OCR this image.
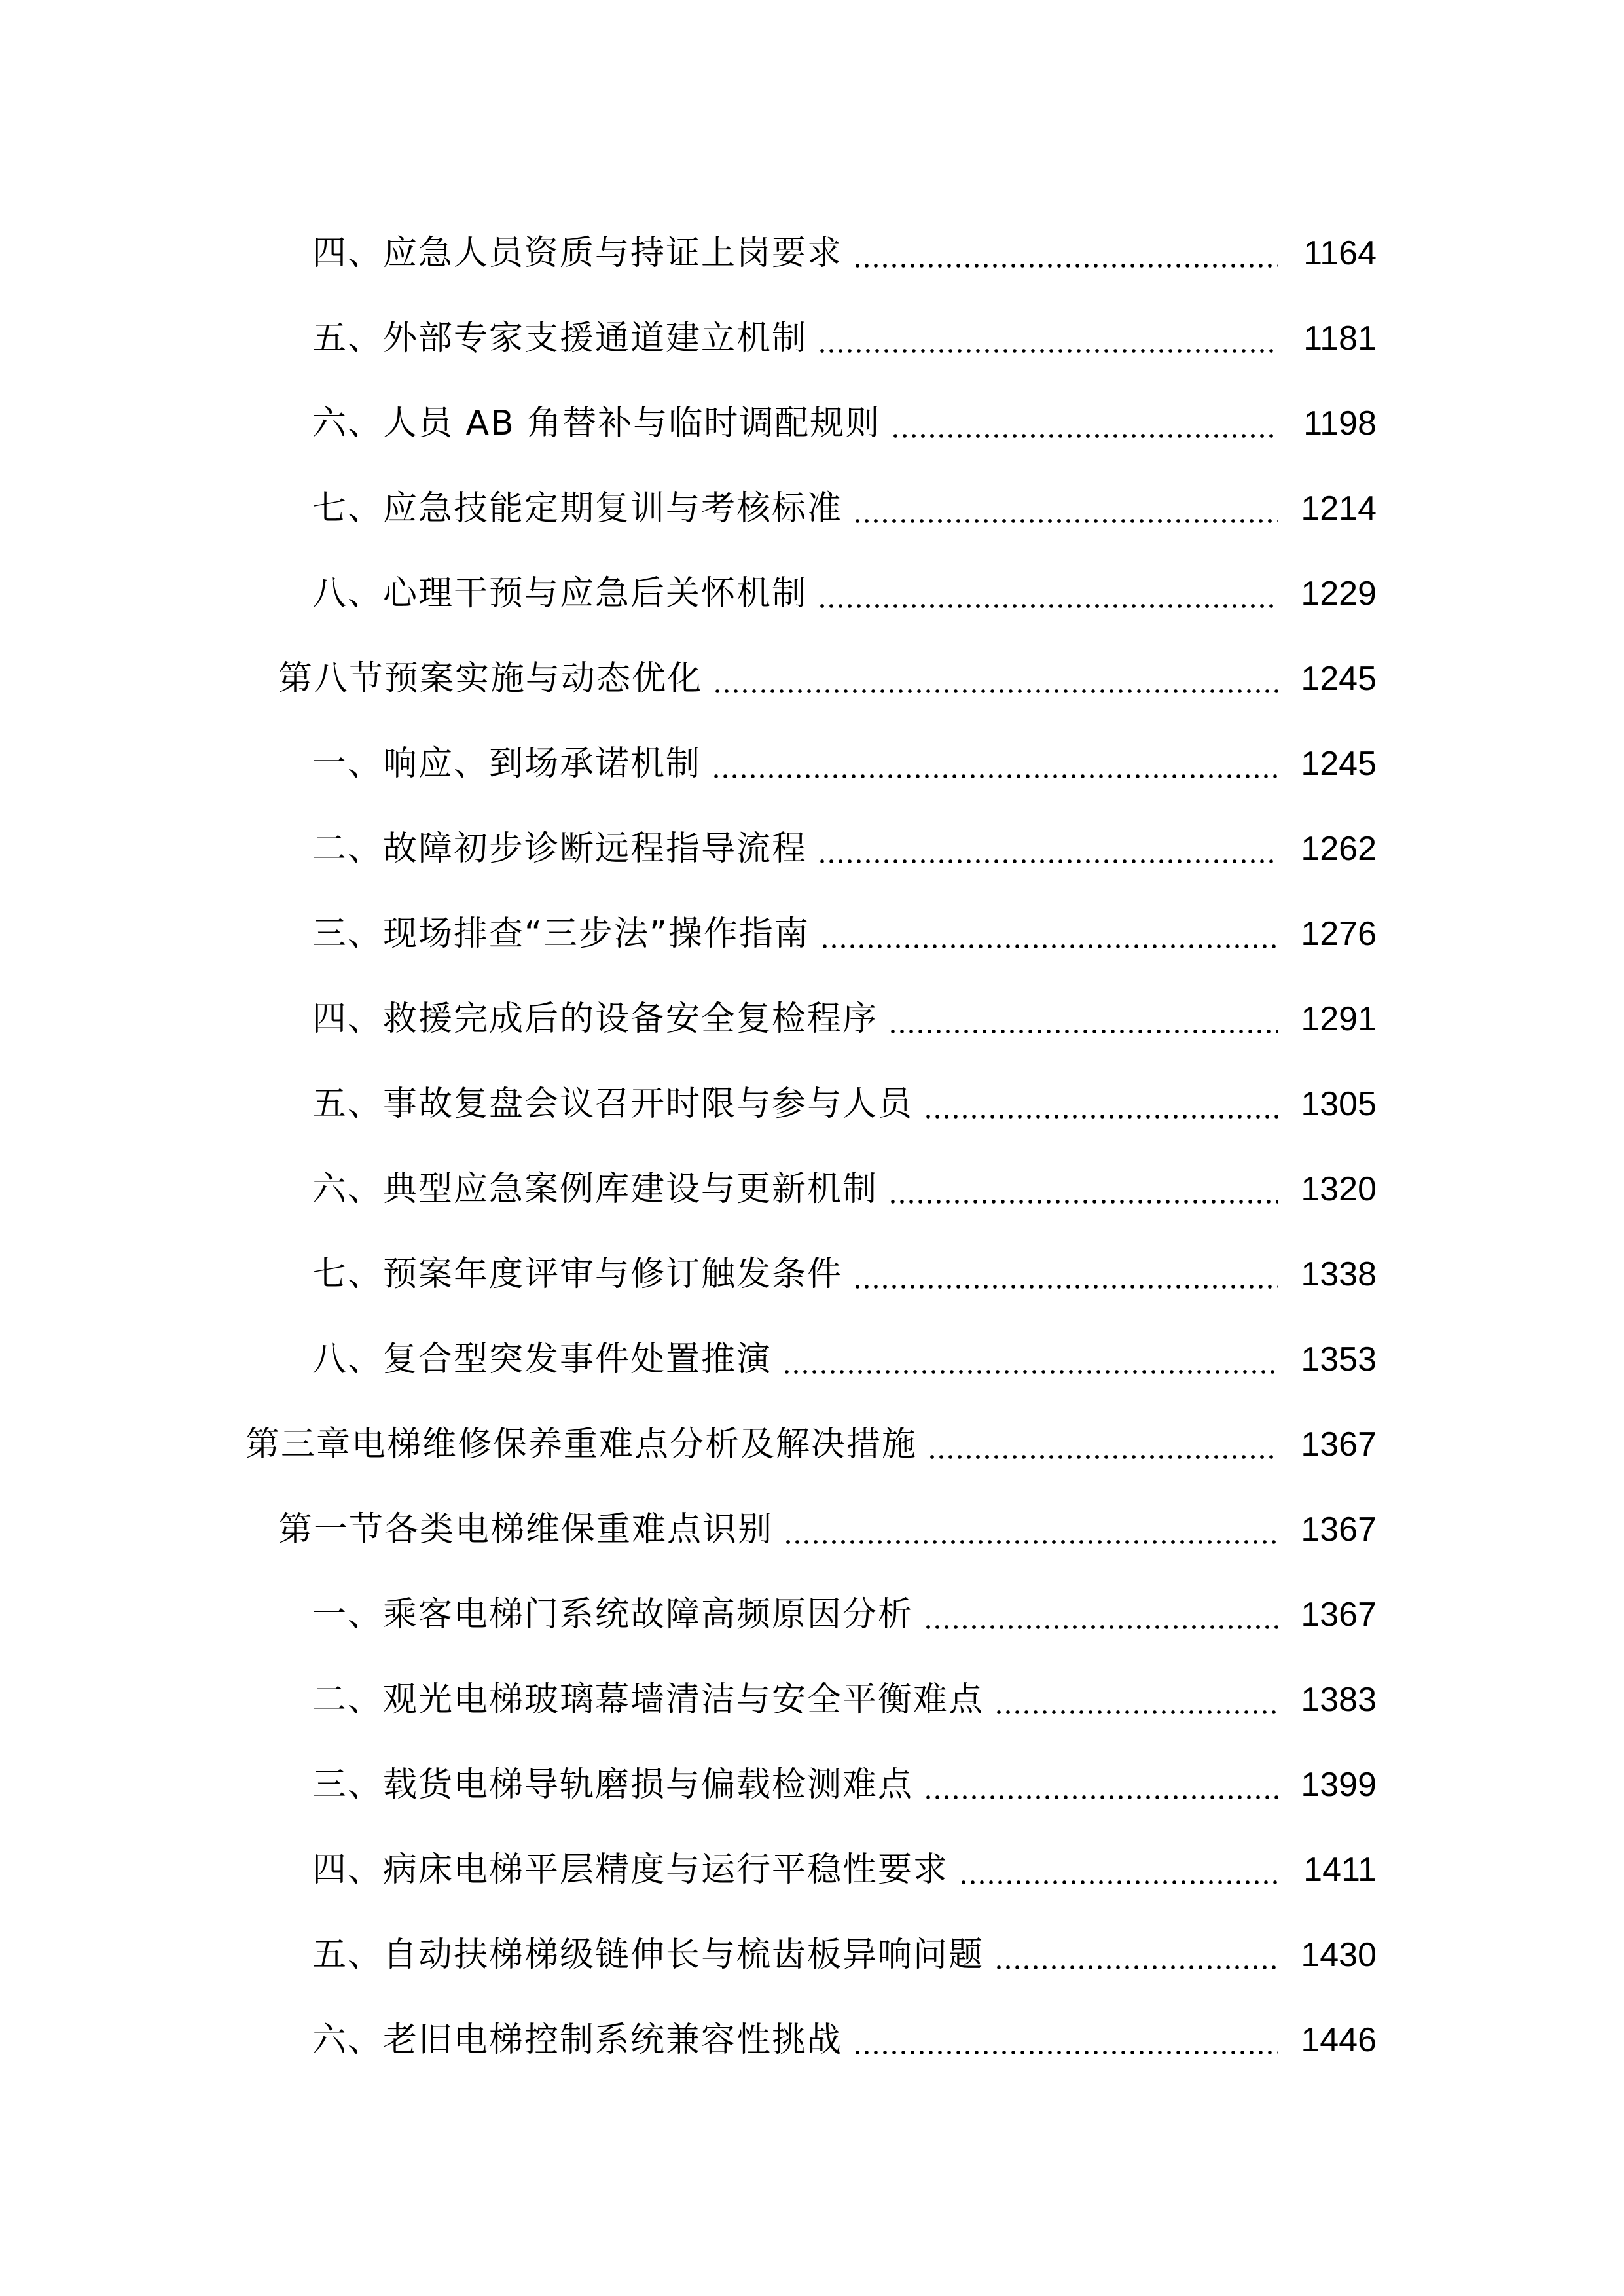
四、应急人员资质与持证上岗要求	1164
五、外部专家支援通道建立机制	1181
六、人员 AB 角替补与临时调配规则	1198
七、应急技能定期复训与考核标准	1214
八、心理干预与应急后关怀机制	1229
第八节预案实施与动态优化	1245
一、响应、到场承诺机制	1245
二、故障初步诊断远程指导流程	1262
三、现场排查“三步法”操作指南	1276
四、救援完成后的设备安全复检程序	1291
五、事故复盘会议召开时限与参与人员	1305
六、典型应急案例库建设与更新机制	1320
七、预案年度评审与修订触发条件	1338
八、复合型突发事件处置推演	1353
第三章电梯维修保养重难点分析及解决措施	1367
第一节各类电梯维保重难点识别	1367
一、乘客电梯门系统故障高频原因分析	1367
二、观光电梯玻璃幕墙清洁与安全平衡难点	1383
三、载货电梯导轨磨损与偏载检测难点	1399
四、病床电梯平层精度与运行平稳性要求	1411
五、自动扶梯梯级链伸长与梳齿板异响问题	1430
六、老旧电梯控制系统兼容性挑战	1446
